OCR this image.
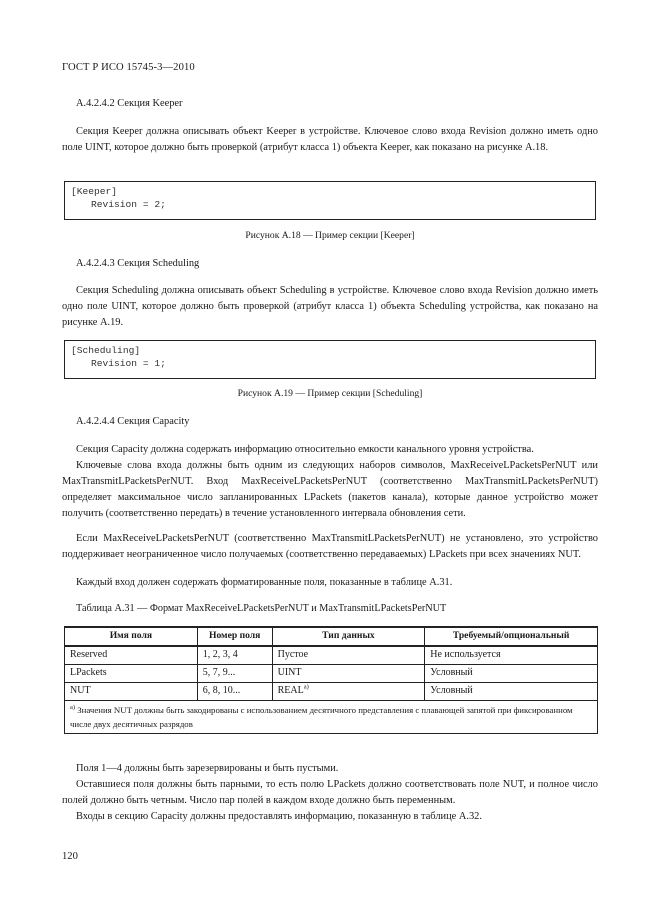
ГОСТ Р ИСО 15745-3—2010
А.4.2.4.2 Секция Keeper

Секция Keeper должна описывать объект Keeper в устройстве. Ключевое слово входа Revision должно иметь одно поле UINT, которое должно быть проверкой (атрибут класса 1) объекта Keeper, как показано на рисунке А.18.

[Keeper]
Revision = 2;
Рисунок А.18 — Пример секции [Keeper]
А.4.2.4.3 Секция Scheduling

Секция Scheduling должна описывать объект Scheduling в устройстве. Ключевое слово входа Revision должно иметь одно поле UINT, которое должно быть проверкой (атрибут класса 1) объекта Scheduling устройства, как показано на рисунке А.19.

[Scheduling]
Revision = 1;
Рисунок А.19 — Пример секции [Scheduling]
А.4.2.4.4 Секция Capacity

Секция Capacity должна содержать информацию относительно емкости канального уровня устройства.

Ключевые слова входа должны быть одним из следующих наборов символов, MaxReceiveLPacketsPerNUT или MaxTransmitLPacketsPerNUT. Вход MaxReceiveLPacketsPerNUT (соответственно MaxTransmitLPacketsPerNUT) определяет максимальное число запланированных LPackets (пакетов канала), которые данное устройство может получить (соответственно передать) в течение установленного интервала обновления сети.

Если MaxReceiveLPacketsPerNUT (соответственно MaxTransmitLPacketsPerNUT) не установлено, это устройство поддерживает неограниченное число получаемых (соответственно передаваемых) LPackets при всех значениях NUT.

Каждый вход должен содержать форматированные поля, показанные в таблице А.31.

Таблица А.31 — Формат MaxReceiveLPacketsPerNUT и MaxTransmitLPacketsPerNUT
Имя поля	Номер поля	Тип данных	Требуемый/опциональный
Reserved	1, 2, 3, 4	Пустое	Не используется
LPackets	5, 7, 9...	UINT	Условный
NUT	6, 8, 10...	REAL$^{a)}$	Условный
$^{a)}$ Значения NUT должны быть закодированы с использованием десятичного представления с плавающей запятой при фиксированном числе двух десятичных разрядов			

Поля 1—4 должны быть зарезервированы и быть пустыми.

Оставшиеся поля должны быть парными, то есть полю LPackets должно соответствовать поле NUT, и полное число полей должно быть четным. Число пар полей в каждом входе должно быть переменным.

Входы в секцию Capacity должны предоставлять информацию, показанную в таблице А.32.

120
